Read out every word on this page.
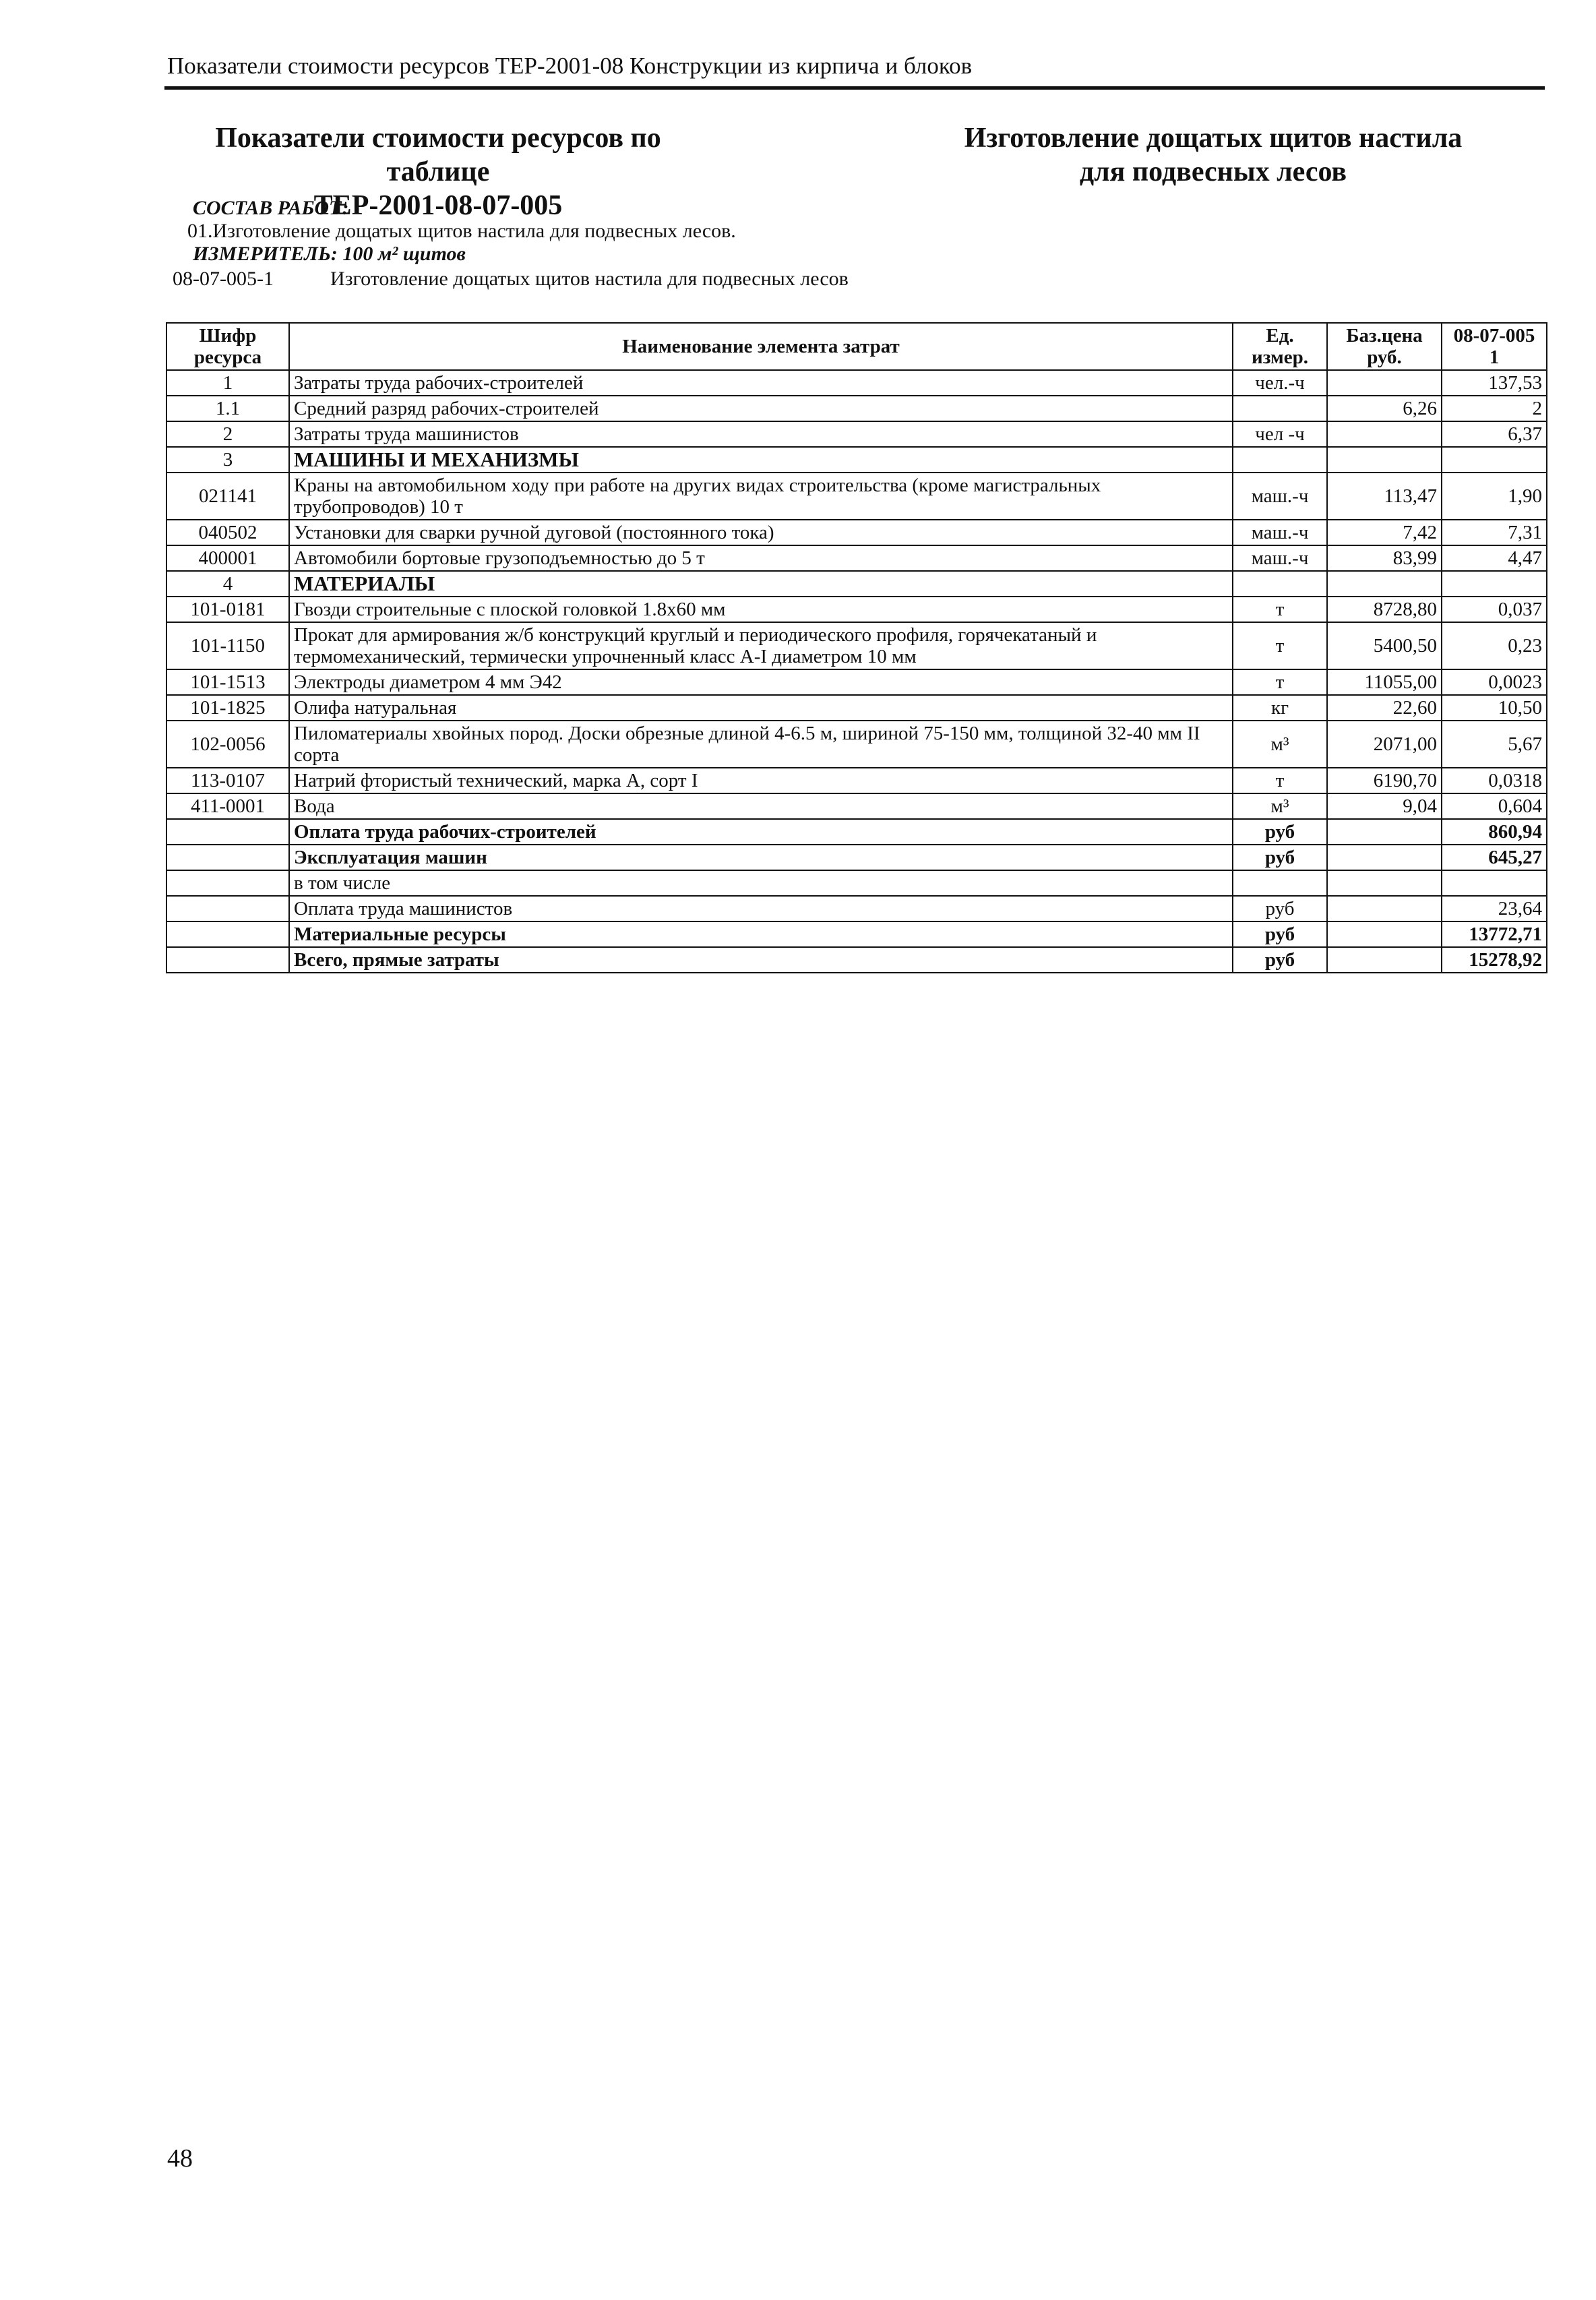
Показатели стоимости ресурсов ТЕР-2001-08 Конструкции из кирпича и блоков
Показатели стоимости ресурсов по таблице
ТЕР-2001-08-07-005
Изготовление дощатых щитов настила
для подвесных лесов
СОСТАВ РАБОТ:
01.Изготовление дощатых щитов настила для подвесных лесов.
ИЗМЕРИТЕЛЬ: 100 м² щитов
08-07-005-1	Изготовление дощатых щитов настила для подвесных лесов
Шифр ресурса	Наименование элемента затрат	Ед. измер.	Баз.цена руб.	08-07-005 1
1	Затраты труда рабочих-строителей	чел.-ч		137,53
1.1	Средний разряд рабочих-строителей		6,26	2
2	Затраты труда машинистов	чел -ч		6,37
3	МАШИНЫ И МЕХАНИЗМЫ			
021141	Краны на автомобильном ходу при работе на других видах строительства (кроме магистральных трубопроводов) 10 т	маш.-ч	113,47	1,90
040502	Установки для сварки ручной дуговой (постоянного тока)	маш.-ч	7,42	7,31
400001	Автомобили бортовые грузоподъемностью до 5 т	маш.-ч	83,99	4,47
4	МАТЕРИАЛЫ			
101-0181	Гвозди строительные с плоской головкой 1.8х60 мм	т	8728,80	0,037
101-1150	Прокат для армирования ж/б конструкций круглый и периодического профиля, горячекатаный и термомеханический, термически упрочненный класс А-I диаметром 10 мм	т	5400,50	0,23
101-1513	Электроды диаметром 4 мм Э42	т	11055,00	0,0023
101-1825	Олифа натуральная	кг	22,60	10,50
102-0056	Пиломатериалы хвойных пород. Доски обрезные длиной 4-6.5 м, шириной 75-150 мм, толщиной 32-40 мм II сорта	м³	2071,00	5,67
113-0107	Натрий фтористый технический, марка А, сорт I	т	6190,70	0,0318
411-0001	Вода	м³	9,04	0,604
	Оплата труда рабочих-строителей	руб		860,94
	Эксплуатация машин	руб		645,27
	в том числе			
	Оплата труда машинистов	руб		23,64
	Материальные ресурсы	руб		13772,71
	Всего, прямые затраты	руб		15278,92
48
